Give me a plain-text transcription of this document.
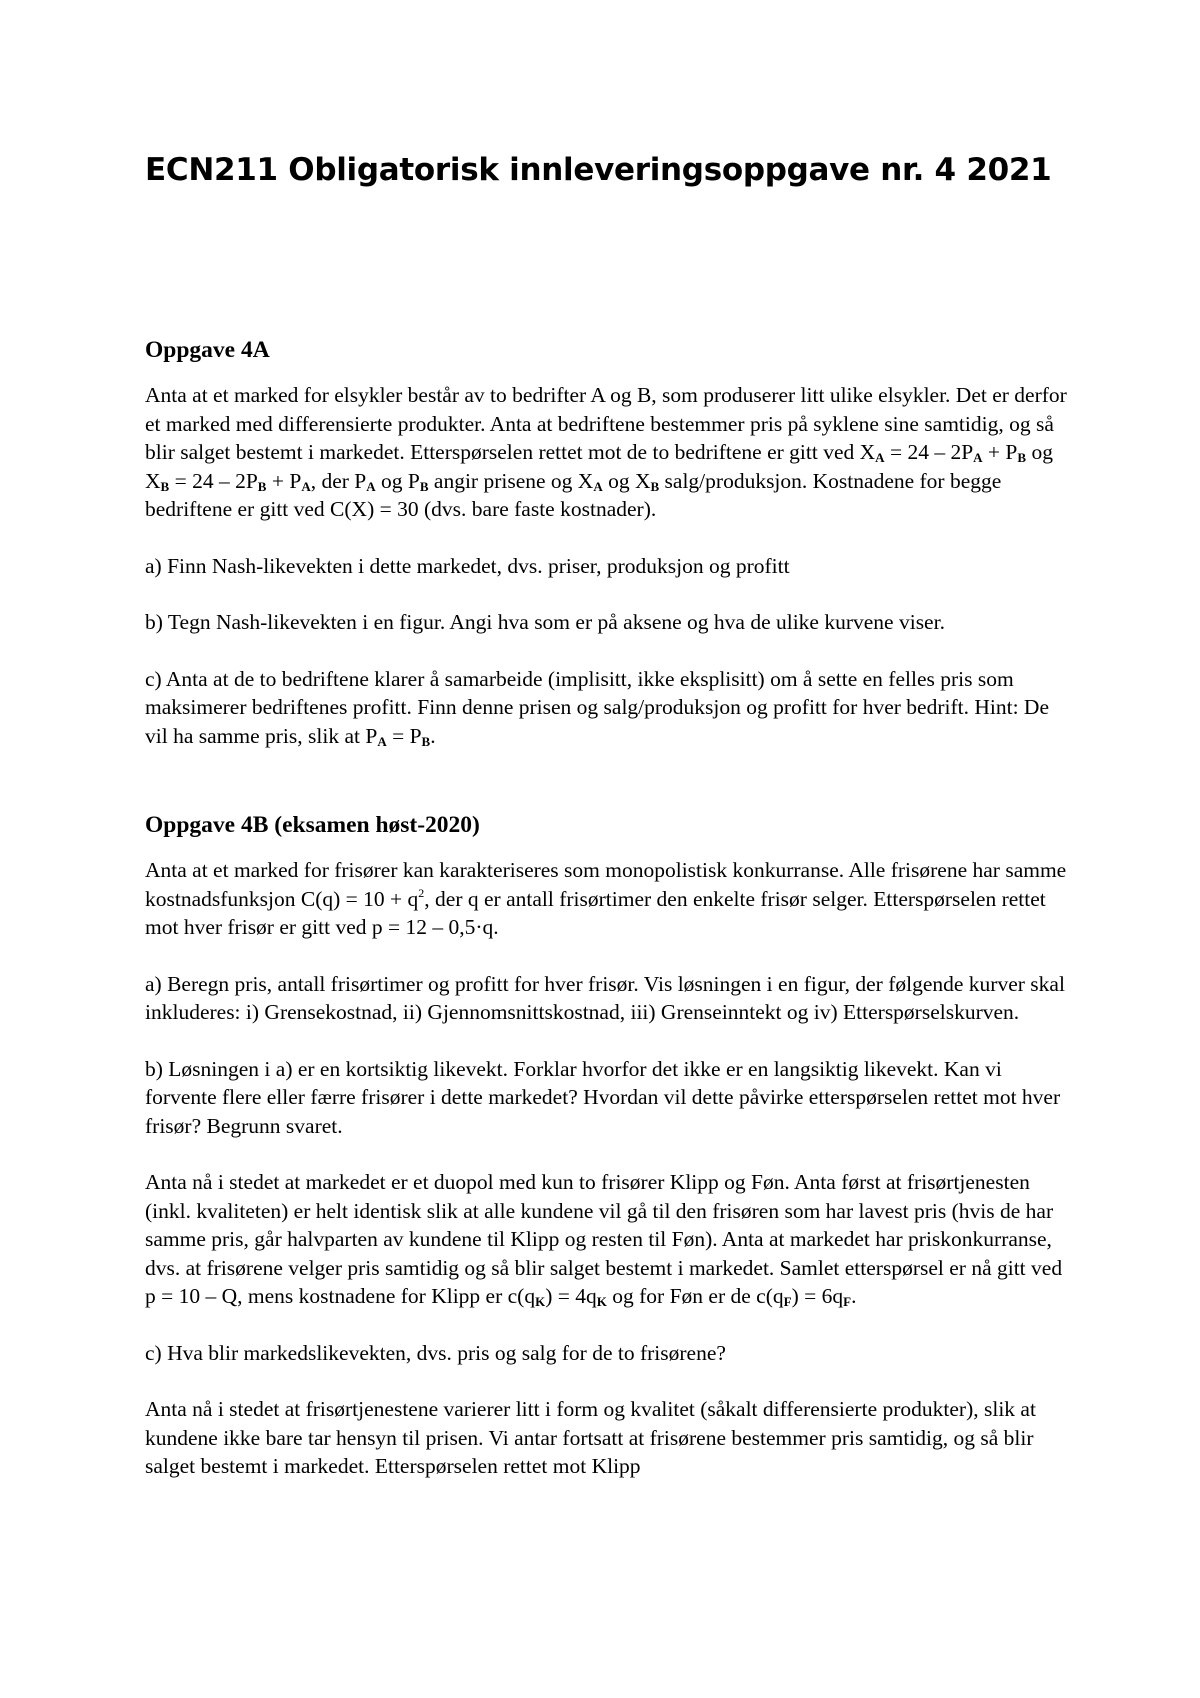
ECN211 Obligatorisk innleveringsoppgave nr. 4 2021
Oppgave 4A

Anta at et marked for elsykler består av to bedrifter A og B, som produserer litt ulike elsykler. Det er derfor et marked med differensierte produkter. Anta at bedriftene bestemmer pris på syklene sine samtidig, og så blir salget bestemt i markedet. Etterspørselen rettet mot de to bedriftene er gitt ved $X_A = 24 - 2P_A + P_B$ og $X_B = 24 - 2P_B + P_A$, der $P_A$ og $P_B$ angir prisene og $X_A$ og $X_B$ salg/produksjon. Kostnadene for begge bedriftene er gitt ved C(X) = 30 (dvs. bare faste kostnader).

a) Finn Nash-likevekten i dette markedet, dvs. priser, produksjon og profitt

b) Tegn Nash-likevekten i en figur. Angi hva som er på aksene og hva de ulike kurvene viser.

c) Anta at de to bedriftene klarer å samarbeide (implisitt, ikke eksplisitt) om å sette en felles pris som maksimerer bedriftenes profitt. Finn denne prisen og salg/produksjon og profitt for hver bedrift. Hint: De vil ha samme pris, slik at $P_A = P_B$.

Oppgave 4B (eksamen høst-2020)

Anta at et marked for frisører kan karakteriseres som monopolistisk konkurranse. Alle frisørene har samme kostnadsfunksjon $C(q) = 10 + q^2$, der q er antall frisørtimer den enkelte frisør selger. Etterspørselen rettet mot hver frisør er gitt ved p = 12 – 0,5·q.

a) Beregn pris, antall frisørtimer og profitt for hver frisør. Vis løsningen i en figur, der følgende kurver skal inkluderes: i) Grensekostnad, ii) Gjennomsnittskostnad, iii) Grenseinntekt og iv) Etterspørselskurven.

b) Løsningen i a) er en kortsiktig likevekt. Forklar hvorfor det ikke er en langsiktig likevekt. Kan vi forvente flere eller færre frisører i dette markedet? Hvordan vil dette påvirke etterspørselen rettet mot hver frisør? Begrunn svaret.

Anta nå i stedet at markedet er et duopol med kun to frisører Klipp og Føn. Anta først at frisørtjenesten (inkl. kvaliteten) er helt identisk slik at alle kundene vil gå til den frisøren som har lavest pris (hvis de har samme pris, går halvparten av kundene til Klipp og resten til Føn). Anta at markedet har priskonkurranse, dvs. at frisørene velger pris samtidig og så blir salget bestemt i markedet. Samlet etterspørsel er nå gitt ved p = 10 – Q, mens kostnadene for Klipp er $c(q_K) = 4q_K$ og for Føn er de $c(q_F) = 6q_F$.

c) Hva blir markedslikevekten, dvs. pris og salg for de to frisørene?

Anta nå i stedet at frisørtjenestene varierer litt i form og kvalitet (såkalt differensierte produkter), slik at kundene ikke bare tar hensyn til prisen. Vi antar fortsatt at frisørene bestemmer pris samtidig, og så blir salget bestemt i markedet. Etterspørselen rettet mot Klipp
